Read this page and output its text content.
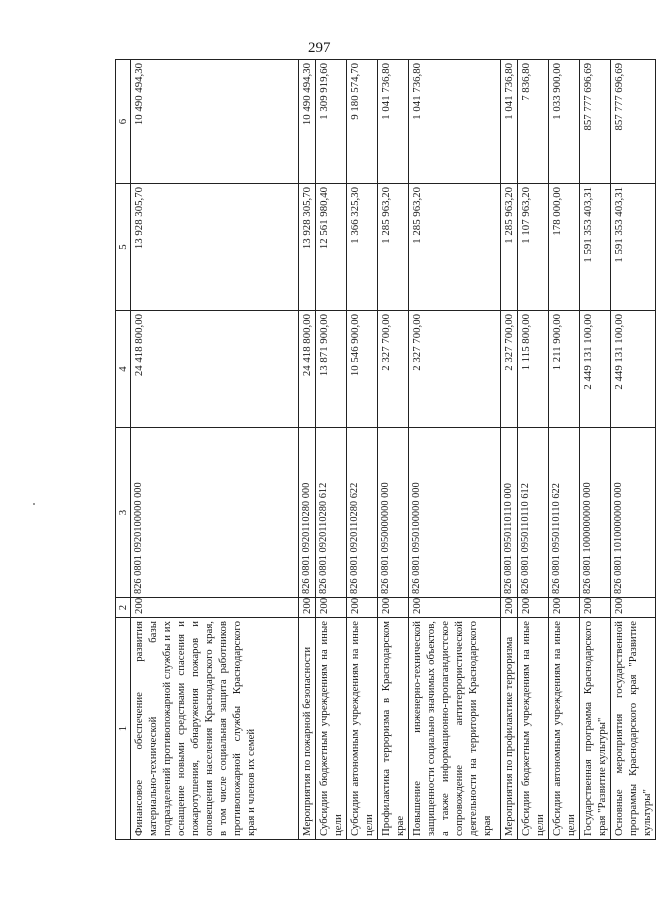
297
1	2	3	4	5	6
Финансовое обеспечение развития материально-технической базы подразделений противопожарной службы и их оснащение новыми средствами спасения и пожаротушения, обнаружения пожаров и оповещения населения Краснодарского края, в том числе социальная защита работников противопожарной службы Краснодарского края и членов их семей	200	826 0801 0920100000 000	24 418 800,00	13 928 305,70	10 490 494,30
Мероприятия по пожарной безопасности	200	826 0801 0920110280 000	24 418 800,00	13 928 305,70	10 490 494,30
Субсидии бюджетным учреждениям на иные цели	200	826 0801 0920110280 612	13 871 900,00	12 561 980,40	1 309 919,60
Субсидии автономным учреждениям на иные цели	200	826 0801 0920110280 622	10 546 900,00	1 366 325,30	9 180 574,70
Профилактика терроризма в Краснодарском крае	200	826 0801 0950000000 000	2 327 700,00	1 285 963,20	1 041 736,80
Повышение инженерно-технической защищенности социально значимых объектов, а также информационно-пропагандистское сопровождение антитеррористической деятельности на территории Краснодарского края	200	826 0801 0950100000 000	2 327 700,00	1 285 963,20	1 041 736,80
Мероприятия по профилактике терроризма	200	826 0801 0950110110 000	2 327 700,00	1 285 963,20	1 041 736,80
Субсидии бюджетным учреждениям на иные цели	200	826 0801 0950110110 612	1 115 800,00	1 107 963,20	7 836,80
Субсидии автономным учреждениям на иные цели	200	826 0801 0950110110 622	1 211 900,00	178 000,00	1 033 900,00
Государственная программа Краснодарского края "Развитие культуры"	200	826 0801 1000000000 000	2 449 131 100,00	1 591 353 403,31	857 777 696,69
Основные мероприятия государственной программы Краснодарского края "Развитие культуры"	200	826 0801 1010000000 000	2 449 131 100,00	1 591 353 403,31	857 777 696,69
